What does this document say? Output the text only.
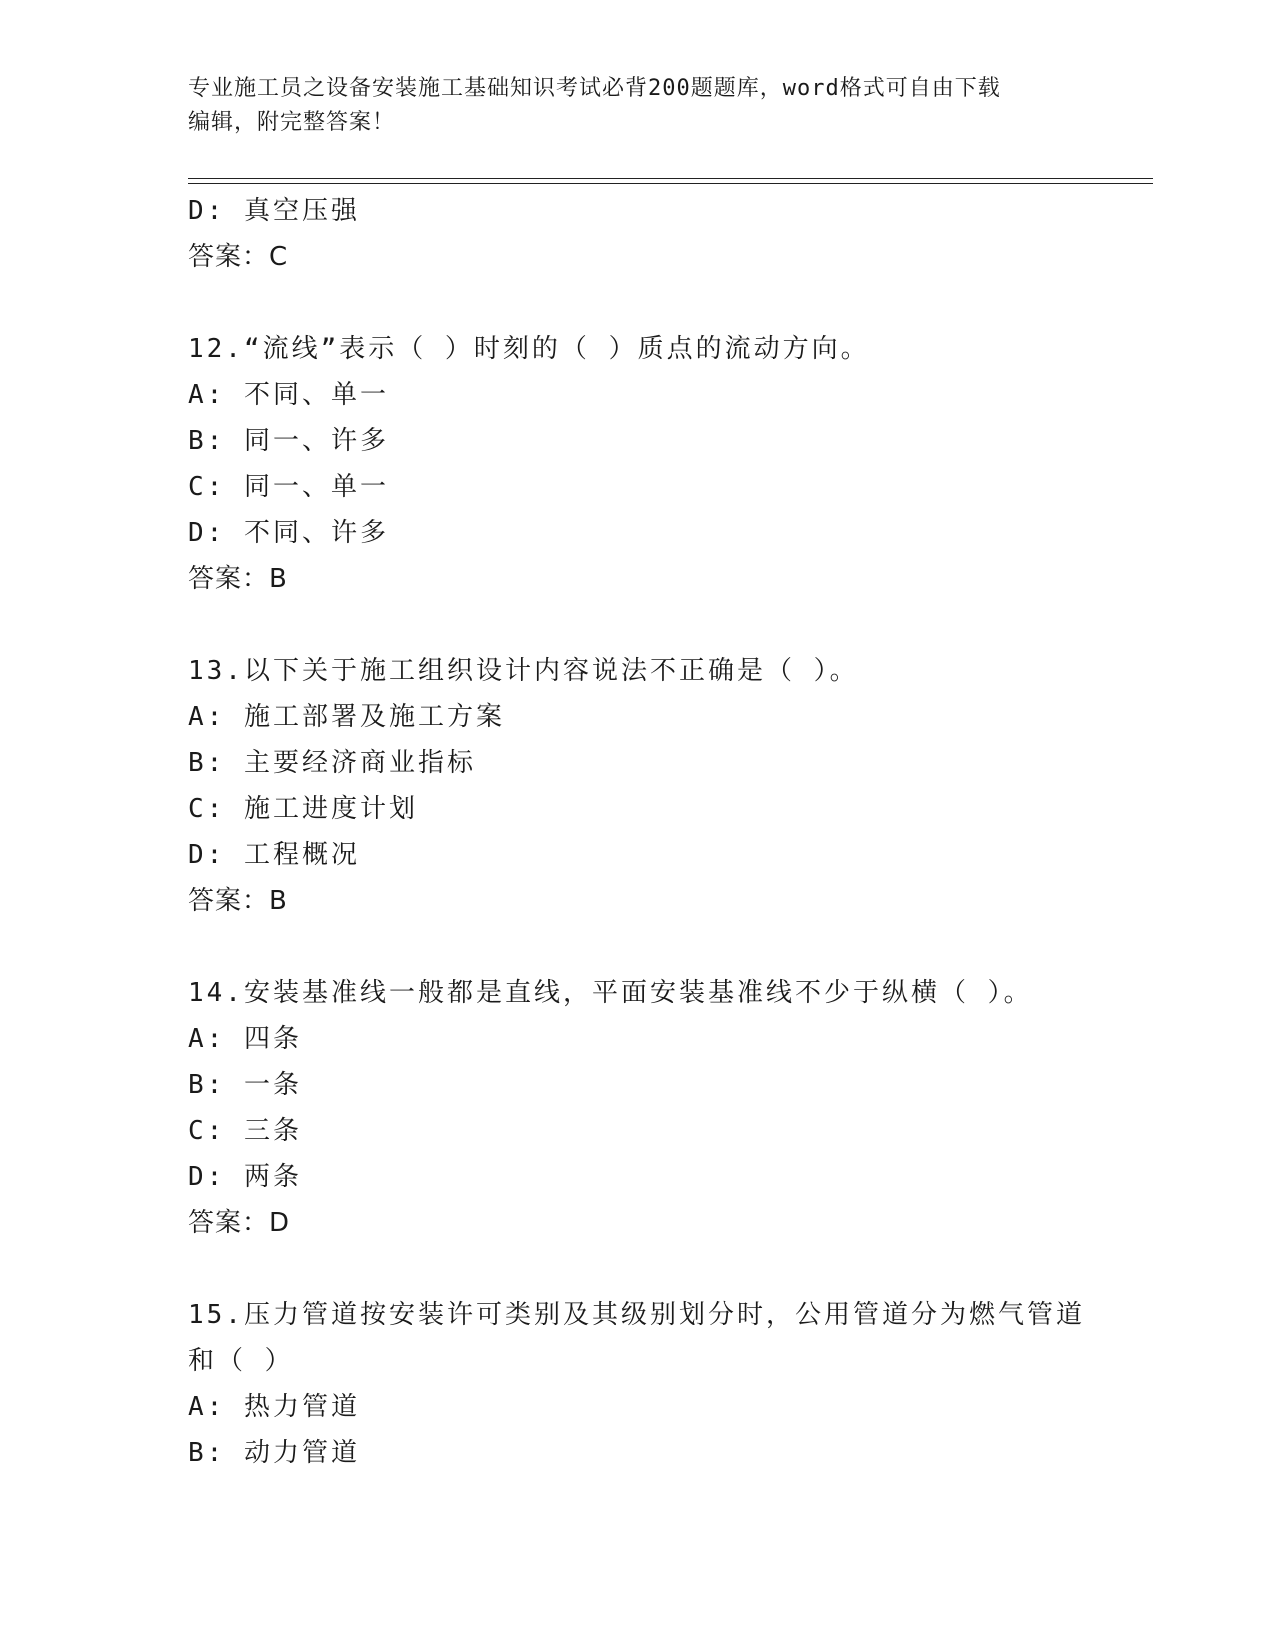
专业施工员之设备安装施工基础知识考试必背200题题库，word格式可自由下载
编辑，附完整答案！
D: 真空压强
答案：C
12.“流线”表示（ ）时刻的（ ）质点的流动方向。
A: 不同、单一
B: 同一、许多
C: 同一、单一
D: 不同、许多
答案：B
13.以下关于施工组织设计内容说法不正确是（ ）。
A: 施工部署及施工方案
B: 主要经济商业指标
C: 施工进度计划
D: 工程概况
答案：B
14.安装基准线一般都是直线，平面安装基准线不少于纵横（ ）。
A: 四条
B: 一条
C: 三条
D: 两条
答案：D
15.压力管道按安装许可类别及其级别划分时，公用管道分为燃气管道
和（ ）
A: 热力管道
B: 动力管道
